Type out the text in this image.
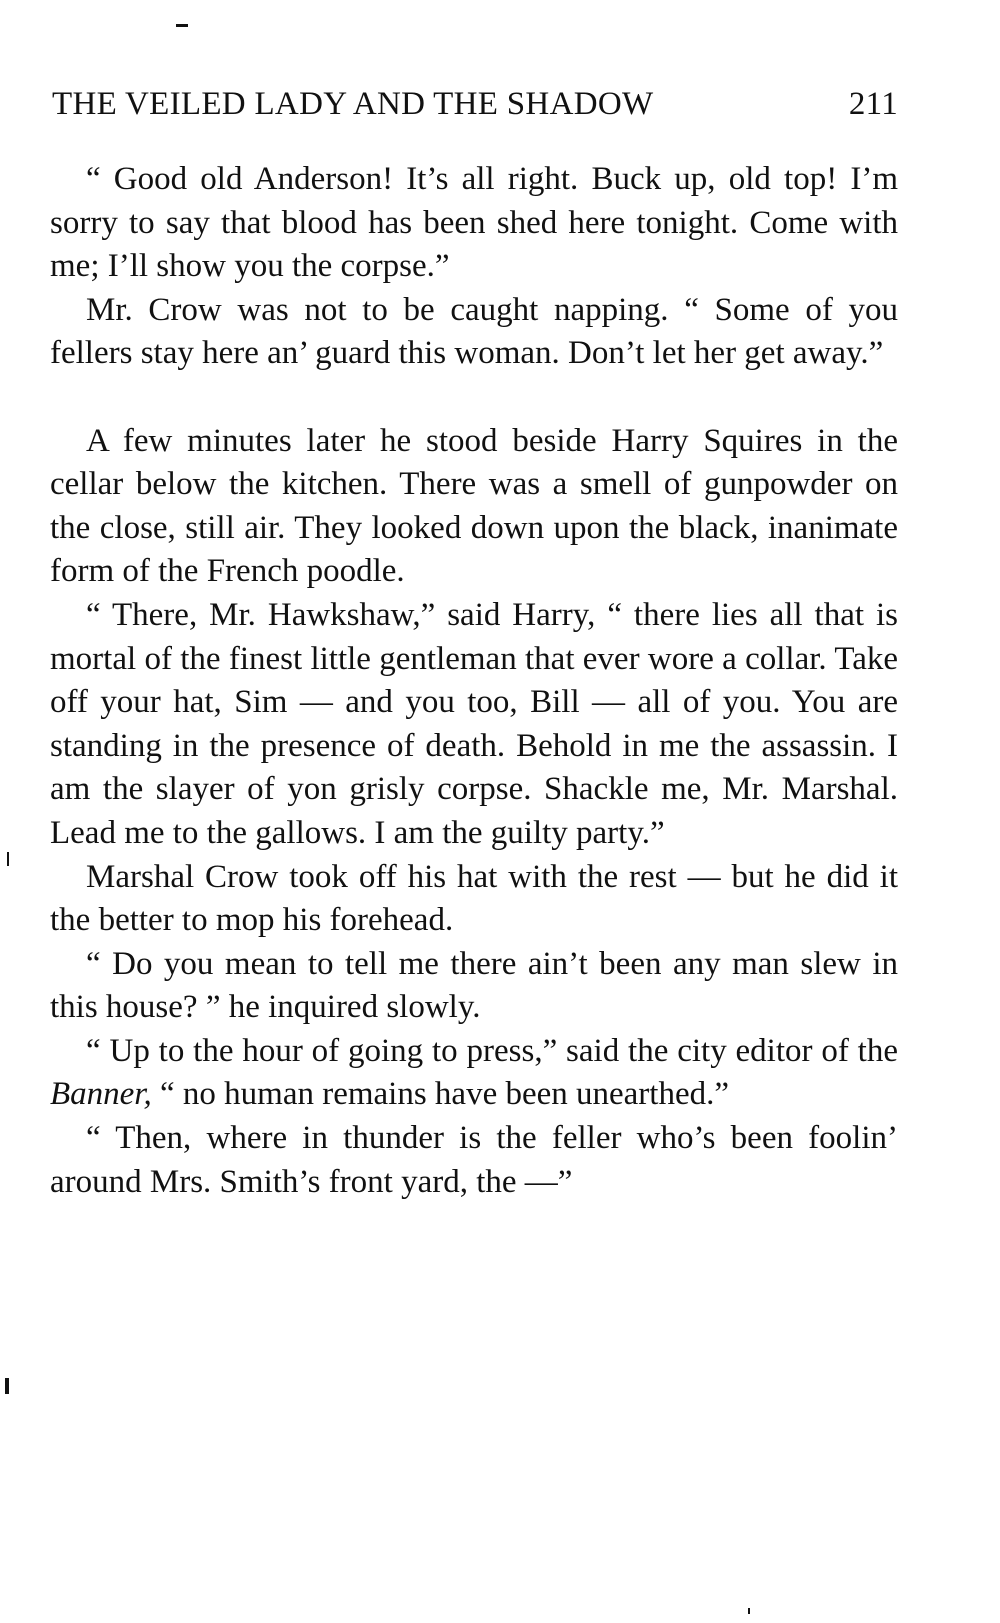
THE VEILED LADY AND THE SHADOW	211

“ Good old Anderson! It’s all right. Buck up, old top! I’m sorry to say that blood has been shed here tonight. Come with me; I’ll show you the corpse.”

Mr. Crow was not to be caught napping. “ Some of you fellers stay here an’ guard this woman. Don’t let her get away.”

A few minutes later he stood beside Harry Squires in the cellar below the kitchen. There was a smell of gunpowder on the close, still air. They looked down upon the black, inanimate form of the French poodle.

“ There, Mr. Hawkshaw,” said Harry, “ there lies all that is mortal of the finest little gentleman that ever wore a collar. Take off your hat, Sim — and you too, Bill — all of you. You are standing in the presence of death. Behold in me the assassin. I am the slayer of yon grisly corpse. Shackle me, Mr. Marshal. Lead me to the gallows. I am the guilty party.”

Marshal Crow took off his hat with the rest — but he did it the better to mop his forehead.

“ Do you mean to tell me there ain’t been any man slew in this house? ” he inquired slowly.

“ Up to the hour of going to press,” said the city editor of the Banner, “ no human remains have been unearthed.”

“ Then, where in thunder is the feller who’s been foolin’ around Mrs. Smith’s front yard, the —”
